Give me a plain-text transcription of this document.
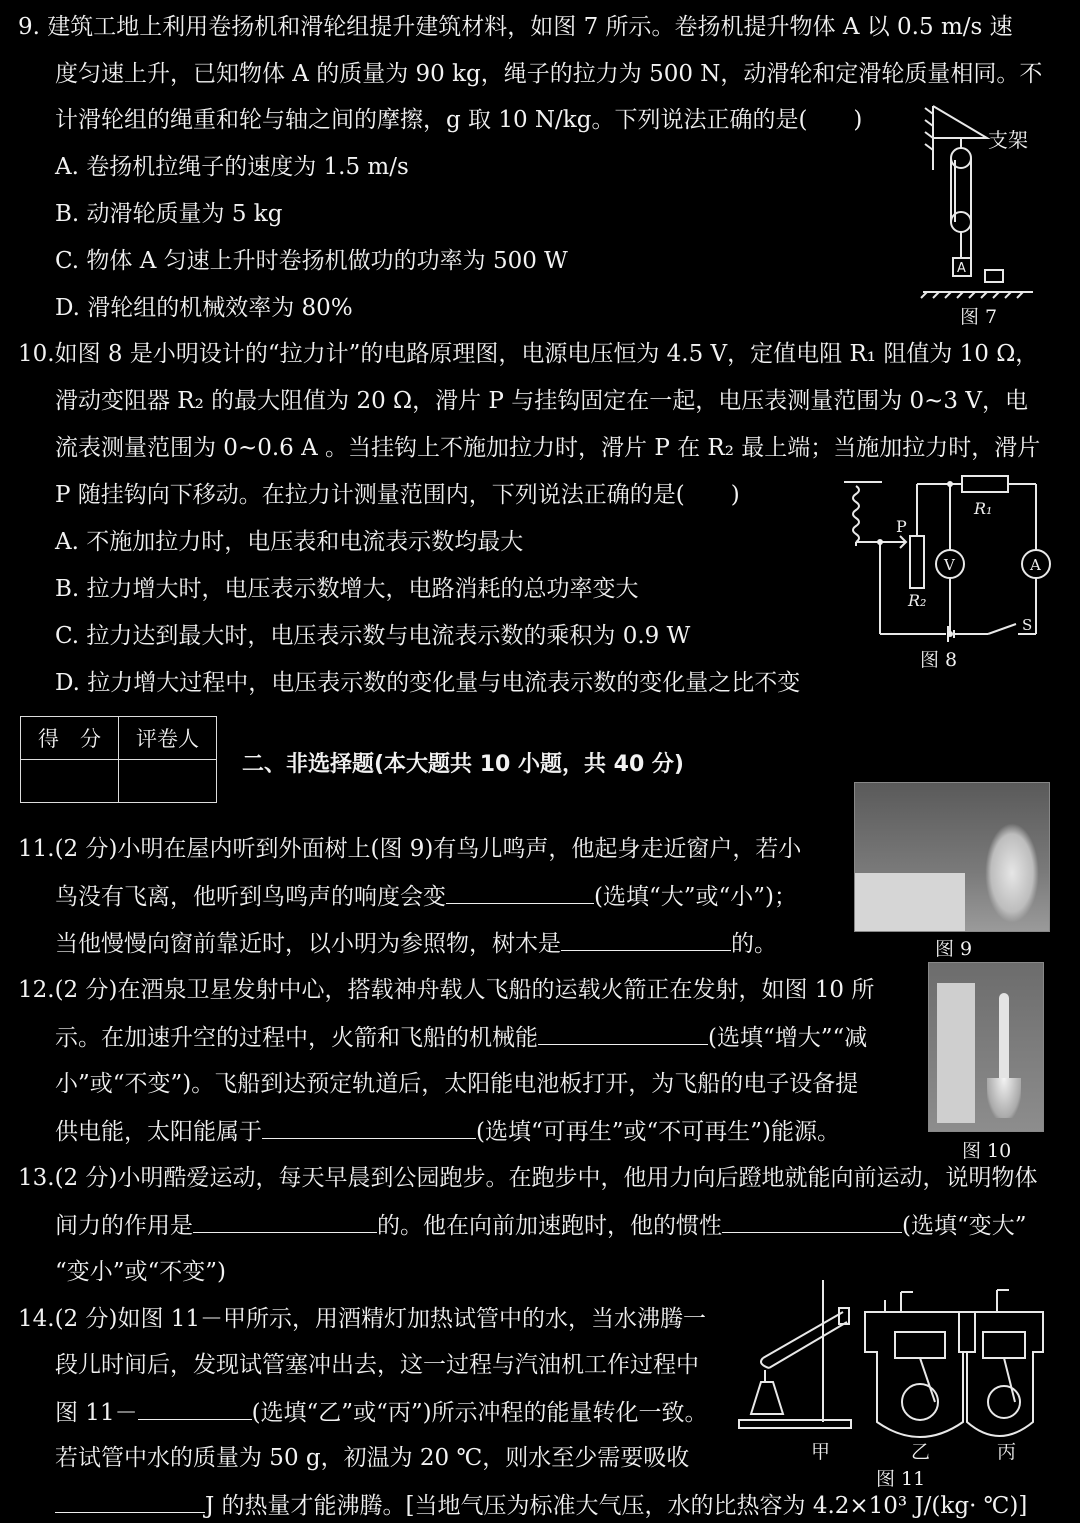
9. 建筑工地上利用卷扬机和滑轮组提升建筑材料，如图 7 所示。卷扬机提升物体 A 以 0.5 m/s 速
度匀速上升，已知物体 A 的质量为 90 kg，绳子的拉力为 500 N，动滑轮和定滑轮质量相同。不
计滑轮组的绳重和轮与轴之间的摩擦，g 取 10 N/kg。下列说法正确的是(　　)
A. 卷扬机拉绳子的速度为 1.5 m/s
B. 动滑轮质量为 5 kg
C. 物体 A 匀速上升时卷扬机做功的功率为 500 W
D. 滑轮组的机械效率为 80%
A
支架
图 7
10.如图 8 是小明设计的“拉力计”的电路原理图，电源电压恒为 4.5 V，定值电阻 R₁ 阻值为 10 Ω，
滑动变阻器 R₂ 的最大阻值为 20 Ω，滑片 P 与挂钩固定在一起，电压表测量范围为 0~3 V，电
流表测量范围为 0~0.6 A 。当挂钩上不施加拉力时，滑片 P 在 R₂ 最上端；当施加拉力时，滑片
P 随挂钩向下移动。在拉力计测量范围内，下列说法正确的是(　　)
A. 不施加拉力时，电压表和电流表示数均最大
B. 拉力增大时，电压表示数增大，电路消耗的总功率变大
C. 拉力达到最大时，电压表示数与电流表示数的乘积为 0.9 W
D. 拉力增大过程中，电压表示数的变化量与电流表示数的变化量之比不变
R₁
R₂
P
V	A
S
图 8
得　分	评卷人

二、非选择题(本大题共 10 小题，共 40 分)
11.(2 分)小明在屋内听到外面树上(图 9)有鸟儿鸣声，他起身走近窗户，若小
鸟没有飞离，他听到鸟鸣声的响度会变	(选填“大”或“小”)；
当他慢慢向窗前靠近时，以小明为参照物，树木是	的。	图 9
12.(2 分)在酒泉卫星发射中心，搭载神舟载人飞船的运载火箭正在发射，如图 10 所
示。在加速升空的过程中，火箭和飞船的机械能	(选填“增大”“减
小”或“不变”)。飞船到达预定轨道后，太阳能电池板打开，为飞船的电子设备提
供电能，太阳能属于	(选填“可再生”或“不可再生”)能源。
图 10
13.(2 分)小明酷爱运动，每天早晨到公园跑步。在跑步中，他用力向后蹬地就能向前运动，说明物体
间力的作用是	的。他在向前加速跑时，他的惯性	(选填“变大”
“变小”或“不变”)
14.(2 分)如图 11－甲所示，用酒精灯加热试管中的水，当水沸腾一
段儿时间后，发现试管塞冲出去，这一过程与汽油机工作过程中
图 11－	(选填“乙”或“丙”)所示冲程的能量转化一致。
若试管中水的质量为 50 g，初温为 20 ℃，则水至少需要吸收
J 的热量才能沸腾。[当地气压为标准大气压，水的比热容为 4.2×10³ J/(kg· ℃)]
甲	乙	丙
图 11
